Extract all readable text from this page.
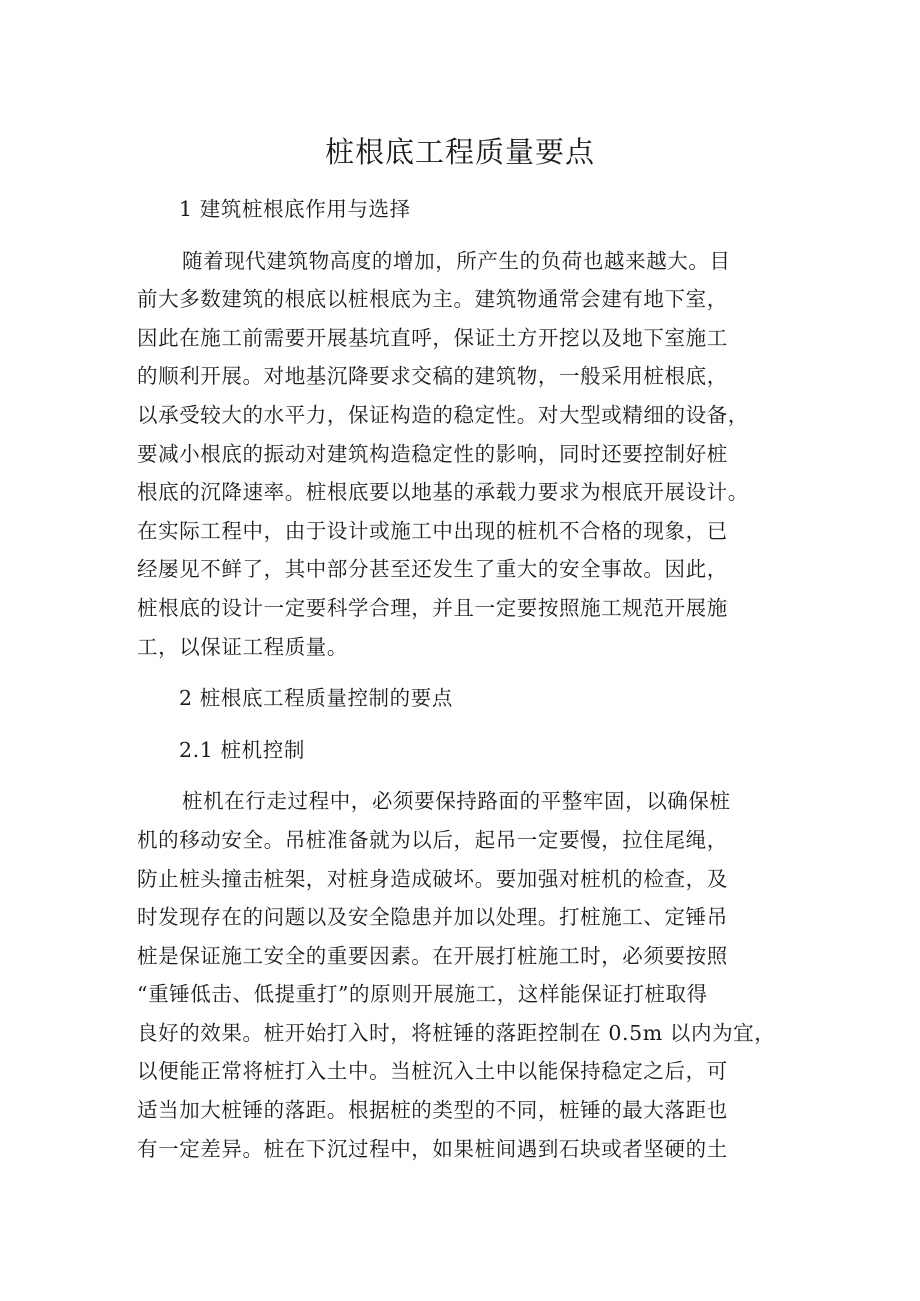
桩根底工程质量要点
1 建筑桩根底作用与选择
随着现代建筑物高度的增加，所产生的负荷也越来越大。目
前大多数建筑的根底以桩根底为主。建筑物通常会建有地下室，
因此在施工前需要开展基坑直呼，保证土方开挖以及地下室施工
的顺利开展。对地基沉降要求交稿的建筑物，一般采用桩根底，
以承受较大的水平力，保证构造的稳定性。对大型或精细的设备，
要减小根底的振动对建筑构造稳定性的影响，同时还要控制好桩
根底的沉降速率。桩根底要以地基的承载力要求为根底开展设计。
在实际工程中，由于设计或施工中出现的桩机不合格的现象，已
经屡见不鲜了，其中部分甚至还发生了重大的安全事故。因此，
桩根底的设计一定要科学合理，并且一定要按照施工规范开展施
工，以保证工程质量。
2 桩根底工程质量控制的要点
2.1 桩机控制
桩机在行走过程中，必须要保持路面的平整牢固，以确保桩
机的移动安全。吊桩准备就为以后，起吊一定要慢，拉住尾绳，
防止桩头撞击桩架，对桩身造成破坏。要加强对桩机的检查，及
时发现存在的问题以及安全隐患并加以处理。打桩施工、定锤吊
桩是保证施工安全的重要因素。在开展打桩施工时，必须要按照
“重锤低击、低提重打”的原则开展施工，这样能保证打桩取得
良好的效果。桩开始打入时，将桩锤的落距控制在 0.5m 以内为宜，
以便能正常将桩打入土中。当桩沉入土中以能保持稳定之后，可
适当加大桩锤的落距。根据桩的类型的不同，桩锤的最大落距也
有一定差异。桩在下沉过程中，如果桩间遇到石块或者坚硬的土
